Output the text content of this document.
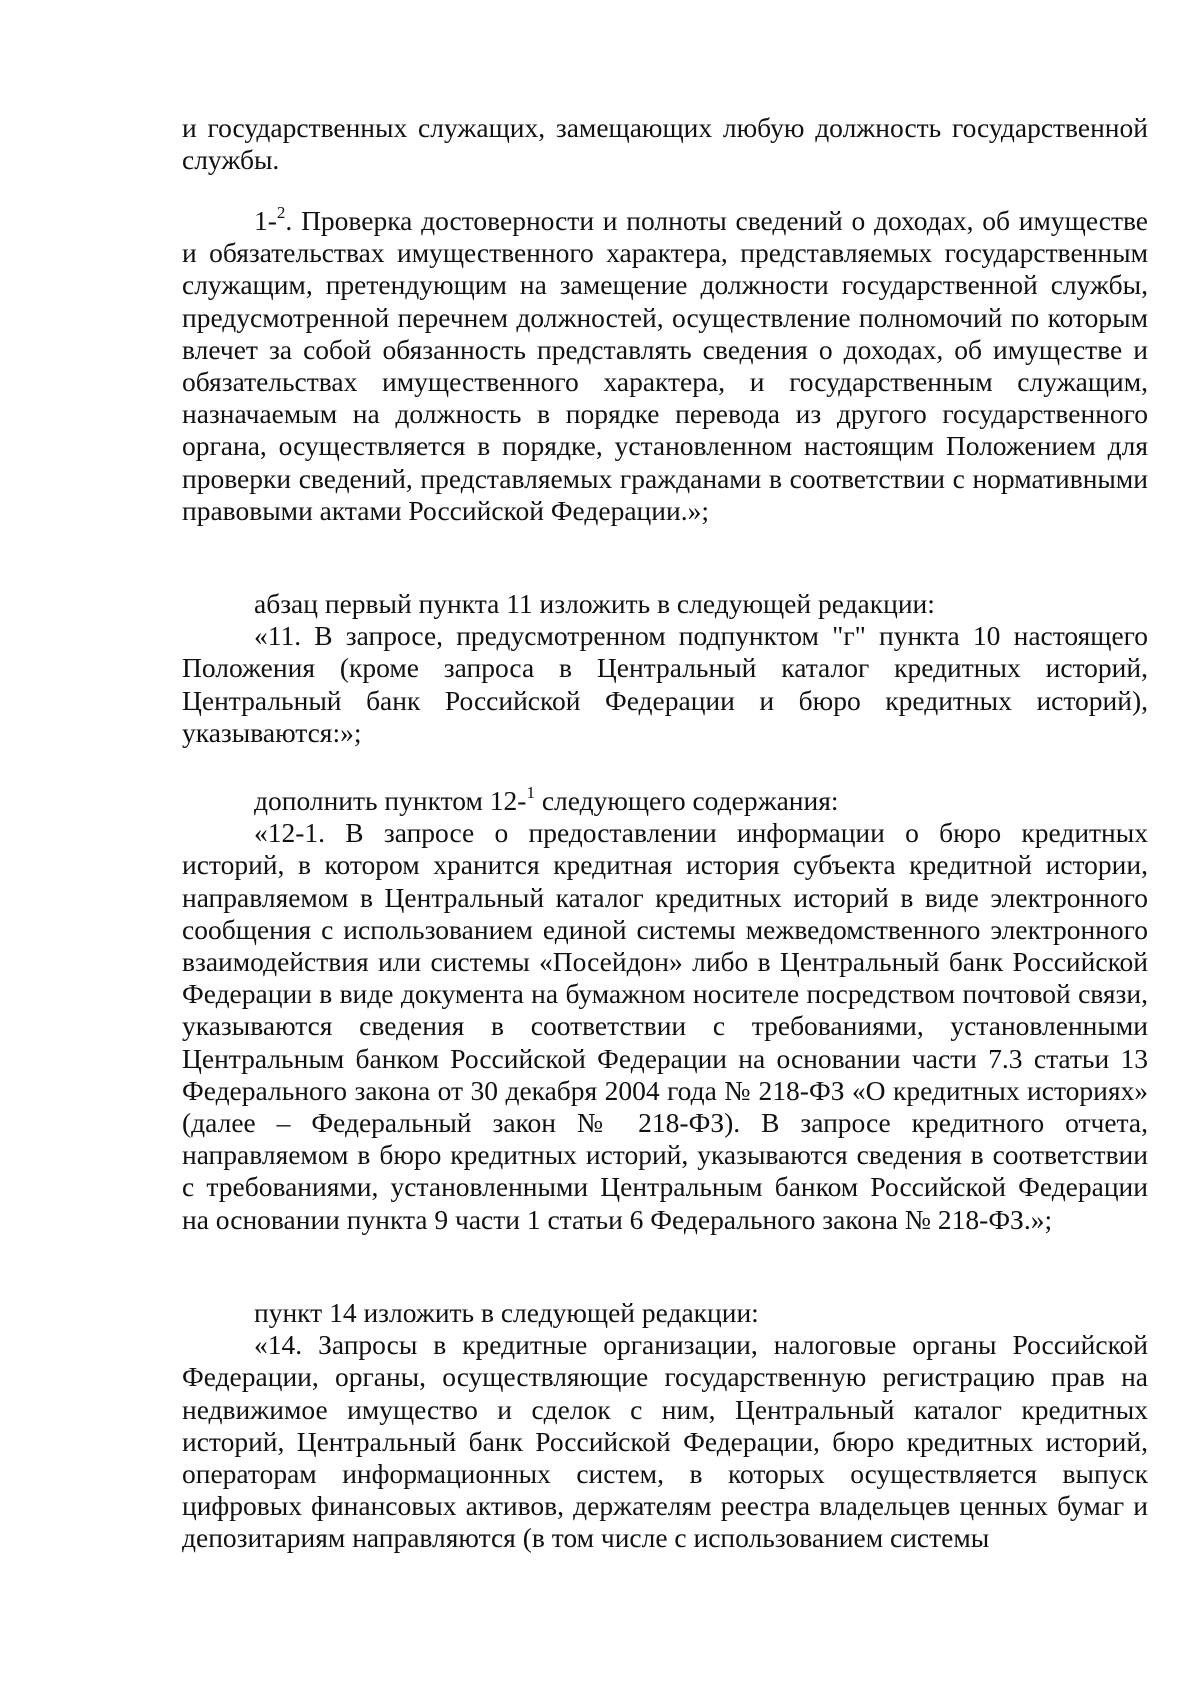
и государственных служащих, замещающих любую должность государственной службы.

1-$^2$. Проверка достоверности и полноты сведений о доходах, об имуществе и обязательствах имущественного характера, представляемых государственным служащим, претендующим на замещение должности государственной службы, предусмотренной перечнем должностей, осуществление полномочий по которым влечет за собой обязанность представлять сведения о доходах, об имуществе и обязательствах имущественного характера, и государственным служащим, назначаемым на должность в порядке перевода из другого государственного органа, осуществляется в порядке, установленном настоящим Положением для проверки сведений, представляемых гражданами в соответствии с нормативными правовыми актами Российской Федерации.»;

абзац первый пункта 11 изложить в следующей редакции:

«11. В запросе, предусмотренном подпунктом "г" пункта 10 настоящего Положения (кроме запроса в Центральный каталог кредитных историй, Центральный банк Российской Федерации и бюро кредитных историй), указываются:»;

дополнить пунктом 12-$^1$ следующего содержания:

«12-1. В запросе о предоставлении информации о бюро кредитных историй, в котором хранится кредитная история субъекта кредитной истории, направляемом в Центральный каталог кредитных историй в виде электронного сообщения с использованием единой системы межведомственного электронного взаимодействия или системы «Посейдон» либо в Центральный банк Российской Федерации в виде документа на бумажном носителе посредством почтовой связи, указываются сведения в соответствии с требованиями, установленными Центральным банком Российской Федерации на основании части 7.3 статьи 13 Федерального закона от 30 декабря 2004 года № 218-ФЗ «О кредитных историях» (далее – Федеральный закон № 218-ФЗ). В запросе кредитного отчета, направляемом в бюро кредитных историй, указываются сведения в соответствии с требованиями, установленными Центральным банком Российской Федерации на основании пункта 9 части 1 статьи 6 Федерального закона № 218-ФЗ.»;

пункт 14 изложить в следующей редакции:

«14. Запросы в кредитные организации, налоговые органы Российской Федерации, органы, осуществляющие государственную регистрацию прав на недвижимое имущество и сделок с ним, Центральный каталог кредитных историй, Центральный банк Российской Федерации, бюро кредитных историй, операторам информационных систем, в которых осуществляется выпуск цифровых финансовых активов, держателям реестра владельцев ценных бумаг и депозитариям направляются (в том числе с использованием системы
